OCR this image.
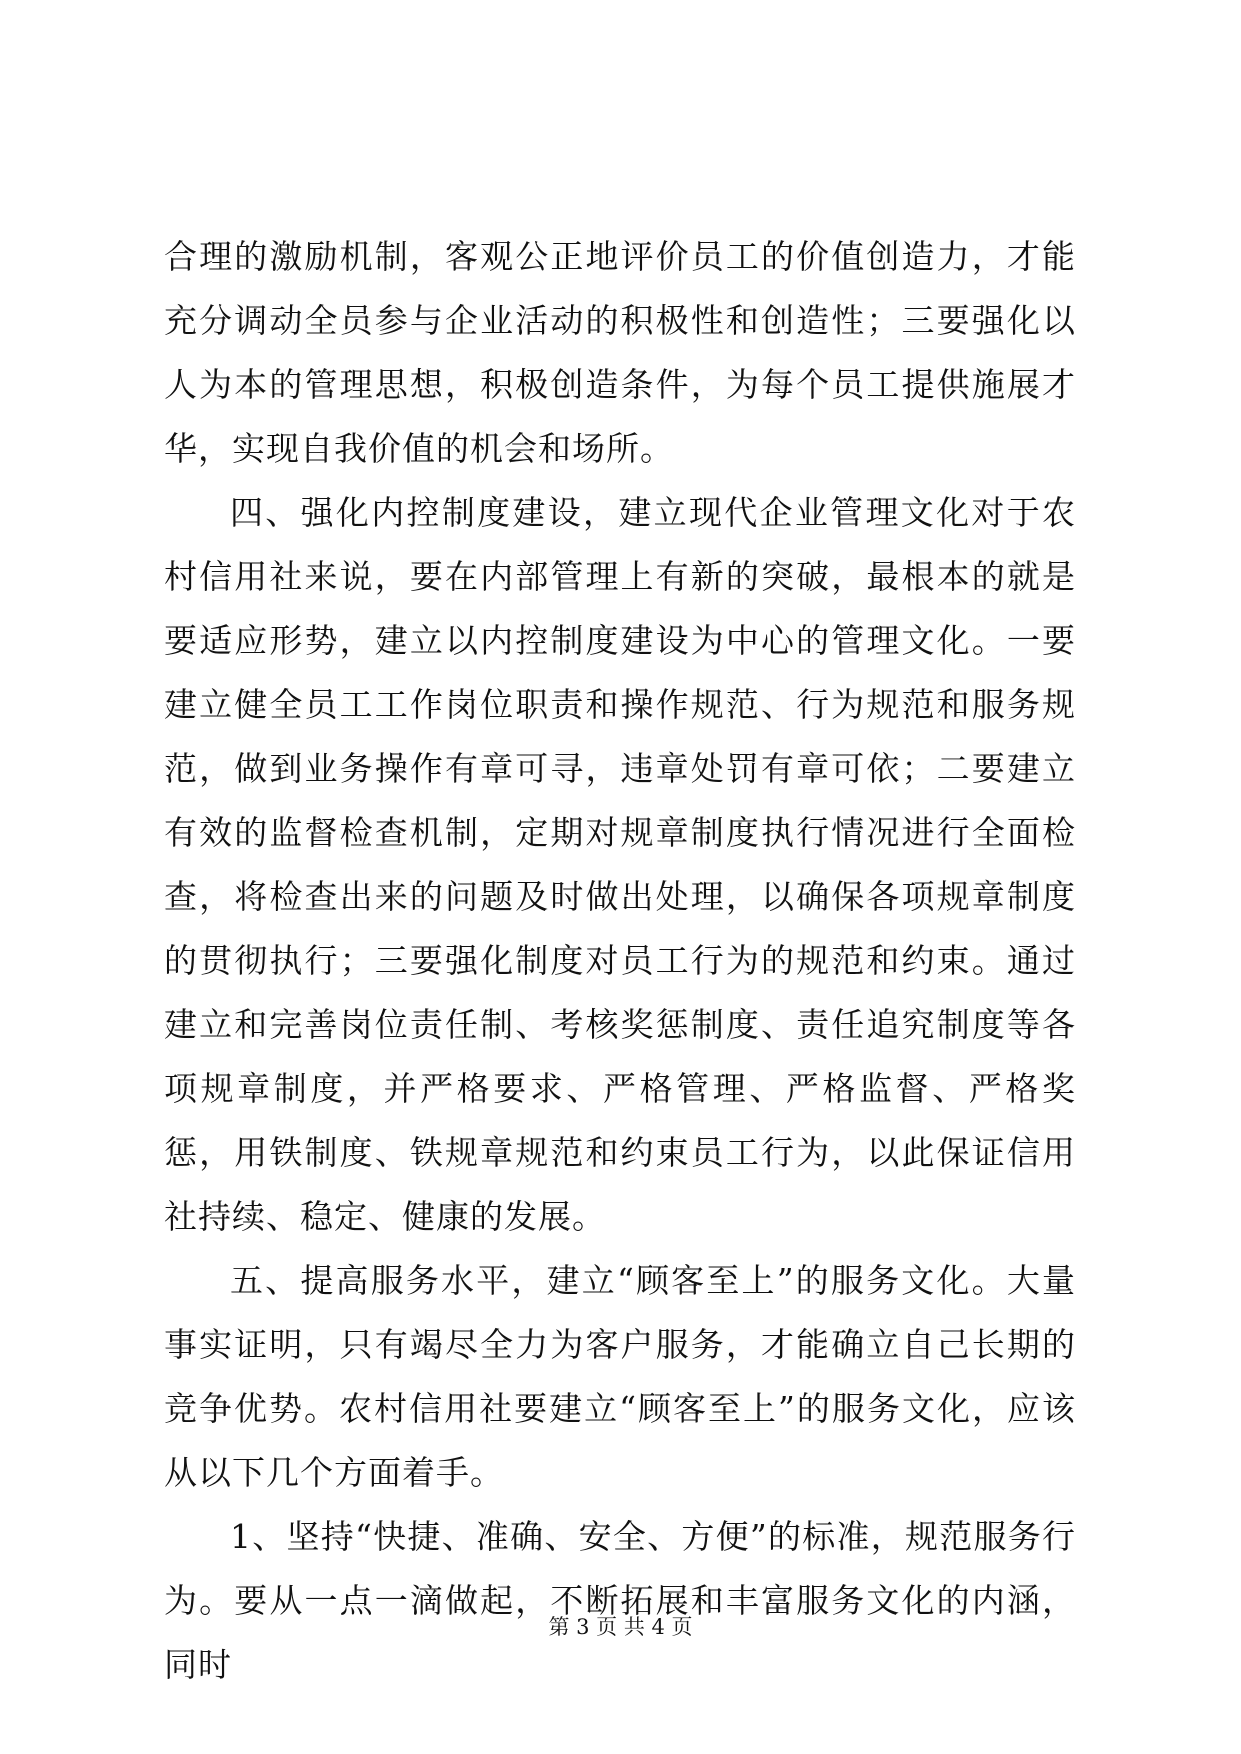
合理的激励机制，客观公正地评价员工的价值创造力，才能充分调动全员参与企业活动的积极性和创造性；三要强化以人为本的管理思想，积极创造条件，为每个员工提供施展才华，实现自我价值的机会和场所。

四、强化内控制度建设，建立现代企业管理文化对于农村信用社来说，要在内部管理上有新的突破，最根本的就是要适应形势，建立以内控制度建设为中心的管理文化。一要建立健全员工工作岗位职责和操作规范、行为规范和服务规范，做到业务操作有章可寻，违章处罚有章可依；二要建立有效的监督检查机制，定期对规章制度执行情况进行全面检查，将检查出来的问题及时做出处理，以确保各项规章制度的贯彻执行；三要强化制度对员工行为的规范和约束。通过建立和完善岗位责任制、考核奖惩制度、责任追究制度等各项规章制度，并严格要求、严格管理、严格监督、严格奖惩，用铁制度、铁规章规范和约束员工行为，以此保证信用社持续、稳定、健康的发展。

五、提高服务水平，建立“顾客至上”的服务文化。大量事实证明，只有竭尽全力为客户服务，才能确立自己长期的竞争优势。农村信用社要建立“顾客至上”的服务文化，应该从以下几个方面着手。

1、坚持“快捷、准确、安全、方便”的标准，规范服务行为。要从一点一滴做起，不断拓展和丰富服务文化的内涵，同时

第 3 页 共 4 页
